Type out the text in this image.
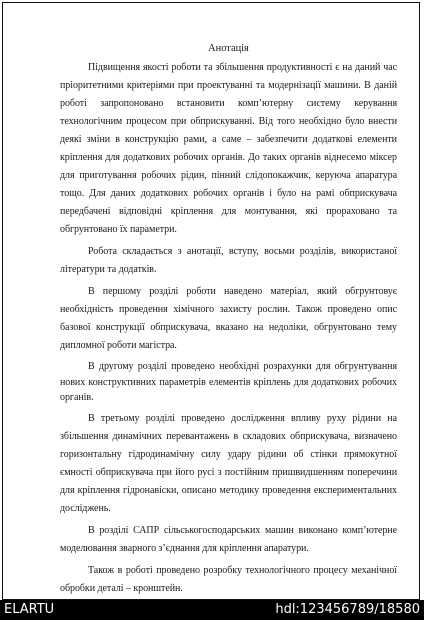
Анотація

Підвищення якості роботи та збільшення продуктивності є на даний час пріоритетними критеріями при проектуванні та модернізації машини. В даній роботі запропоновано встановити комп’ютерну систему керування технологічним процесом при обприскуванні. Від того необхідно було внести деякі зміни в конструкцію рами, а саме – забезпечити додаткові елементи кріплення для додаткових робочих органів. До таких органів віднесемо міксер для приготування робочих рідин, пінний слідопокажчик, керуюча апаратура тощо. Для даних додаткових робочих органів і було на рамі обприскувача передбачені відповідні кріплення для монтування, які прораховано та обгрунтовано їх параметри.

Робота складається з анотації, вступу, восьми розділів, використаної літератури та додатків.

В першому розділі роботи наведено матеріал, який обгрунтовує необхідність проведення хімічного захисту рослин. Також проведено опис базової конструкції обприскувача, вказано на недоліки, обгрунтовано тему дипломної роботи магістра.

В другому розділі проведено необхідні розрахунки для обгрунтування нових конструктивних параметрів елементів кріплень для додаткових робочих органів.

В третьому розділі проведено дослідження впливу руху рідини на збільшення динамічних перевантажень в складових обприскувача, визначено горизонтальну гідродинамічну силу удару рідини об стінки прямокутної ємності обприскувача при його русі з постійним пришвидшенням поперечини для кріплення гідронавіски, описано методику проведення експериментальних досліджень.

В розділі САПР сільськогосподарських машин виконано комп’ютерне моделювання зварного з’єднання для кріплення апаратури.

Також в роботі проведено розробку технологічного процесу механічної обробки деталі – кронштейн.

ELARTU	hdl:123456789/18580
